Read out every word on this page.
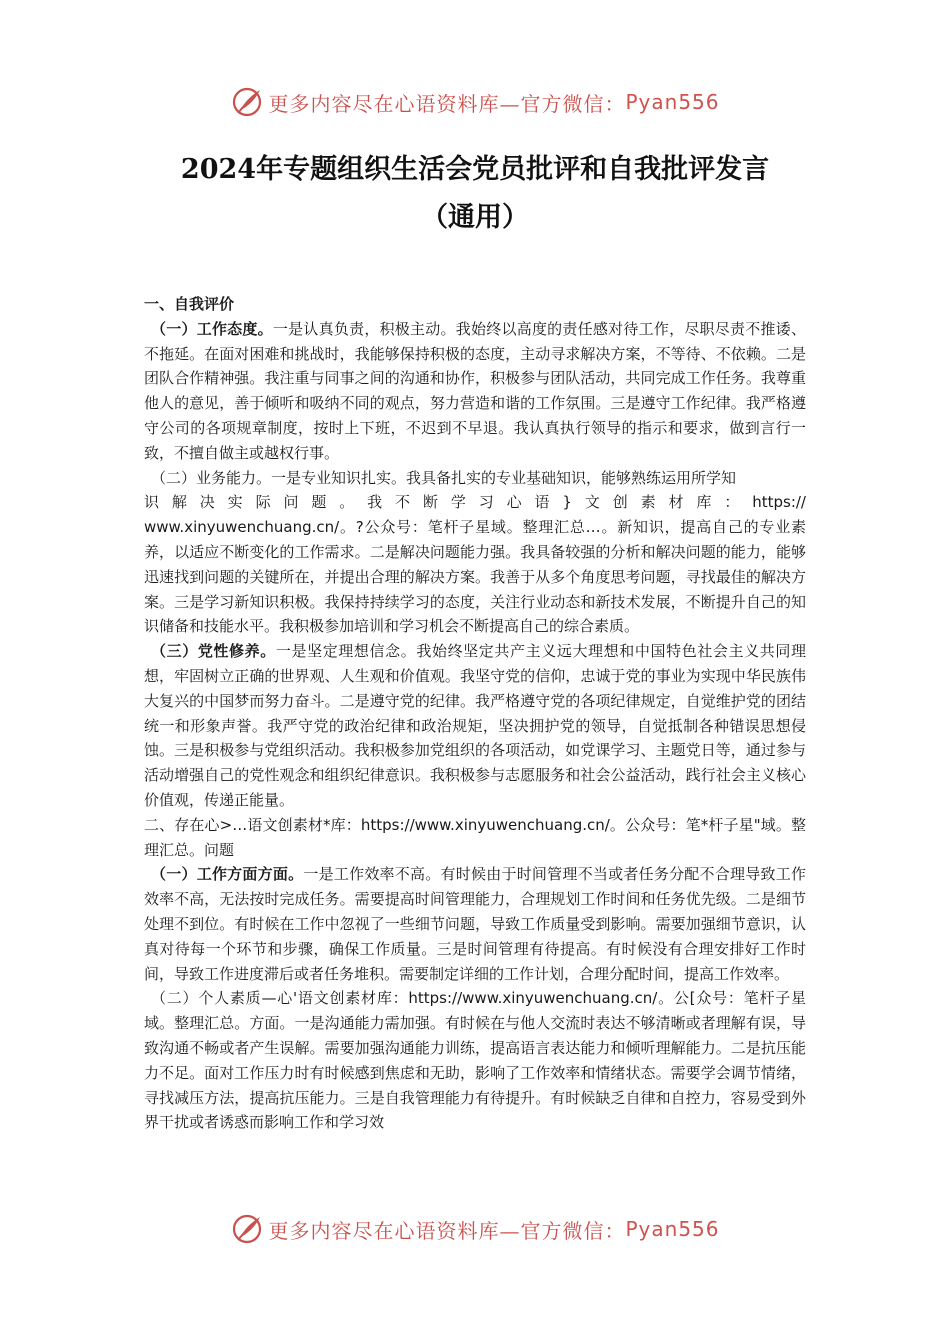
更多内容尽在心语资料库—官方微信： Pyan556
2024年专题组织生活会党员批评和自我批评发言
（通用）

一、自我评价

（一）工作态度。一是认真负责，积极主动。我始终以高度的责任感对待工作，尽职尽责不推诿、不拖延。在面对困难和挑战时，我能够保持积极的态度，主动寻求解决方案，不等待、不依赖。二是团队合作精神强。我注重与同事之间的沟通和协作，积极参与团队活动，共同完成工作任务。我尊重他人的意见，善于倾听和吸纳不同的观点，努力营造和谐的工作氛围。三是遵守工作纪律。我严格遵守公司的各项规章制度，按时上下班，不迟到不早退。我认真执行领导的指示和要求，做到言行一致，不擅自做主或越权行事。

（二）业务能力。一是专业知识扎实。我具备扎实的专业基础知识，能够熟练运用所学知
识解决实际问题。我不断学习心语}文创素材库：https://

www.xinyuwenchuang.cn/。?公众号：笔杆子星域。整理汇总…。新知识，提高自己的专业素养，以适应不断变化的工作需求。二是解决问题能力强。我具备较强的分析和解决问题的能力，能够迅速找到问题的关键所在，并提出合理的解决方案。我善于从多个角度思考问题，寻找最佳的解决方案。三是学习新知识积极。我保持持续学习的态度，关注行业动态和新技术发展，不断提升自己的知识储备和技能水平。我积极参加培训和学习机会不断提高自己的综合素质。

（三）党性修养。一是坚定理想信念。我始终坚定共产主义远大理想和中国特色社会主义共同理想，牢固树立正确的世界观、人生观和价值观。我坚守党的信仰，忠诚于党的事业为实现中华民族伟大复兴的中国梦而努力奋斗。二是遵守党的纪律。我严格遵守党的各项纪律规定，自觉维护党的团结统一和形象声誉。我严守党的政治纪律和政治规矩，坚决拥护党的领导，自觉抵制各种错误思想侵蚀。三是积极参与党组织活动。我积极参加党组织的各项活动，如党课学习、主题党日等，通过参与活动增强自己的党性观念和组织纪律意识。我积极参与志愿服务和社会公益活动，践行社会主义核心价值观，传递正能量。

二、存在心>…语文创素材*库：https://www.xinyuwenchuang.cn/。公众号：笔*杆子星"域。整理汇总。问题

（一）工作方面方面。一是工作效率不高。有时候由于时间管理不当或者任务分配不合理导致工作效率不高，无法按时完成任务。需要提高时间管理能力，合理规划工作时间和任务优先级。二是细节处理不到位。有时候在工作中忽视了一些细节问题，导致工作质量受到影响。需要加强细节意识，认真对待每一个环节和步骤，确保工作质量。三是时间管理有待提高。有时候没有合理安排好工作时间，导致工作进度滞后或者任务堆积。需要制定详细的工作计划，合理分配时间，提高工作效率。

（二）个人素质—心'语文创素材库：https://www.xinyuwenchuang.cn/。公[众号：笔杆子星域。整理汇总。方面。一是沟通能力需加强。有时候在与他人交流时表达不够清晰或者理解有误，导致沟通不畅或者产生误解。需要加强沟通能力训练，提高语言表达能力和倾听理解能力。二是抗压能力不足。面对工作压力时有时候感到焦虑和无助，影响了工作效率和情绪状态。需要学会调节情绪，寻找减压方法，提高抗压能力。三是自我管理能力有待提升。有时候缺乏自律和自控力，容易受到外界干扰或者诱惑而影响工作和学习效

更多内容尽在心语资料库—官方微信： Pyan556
